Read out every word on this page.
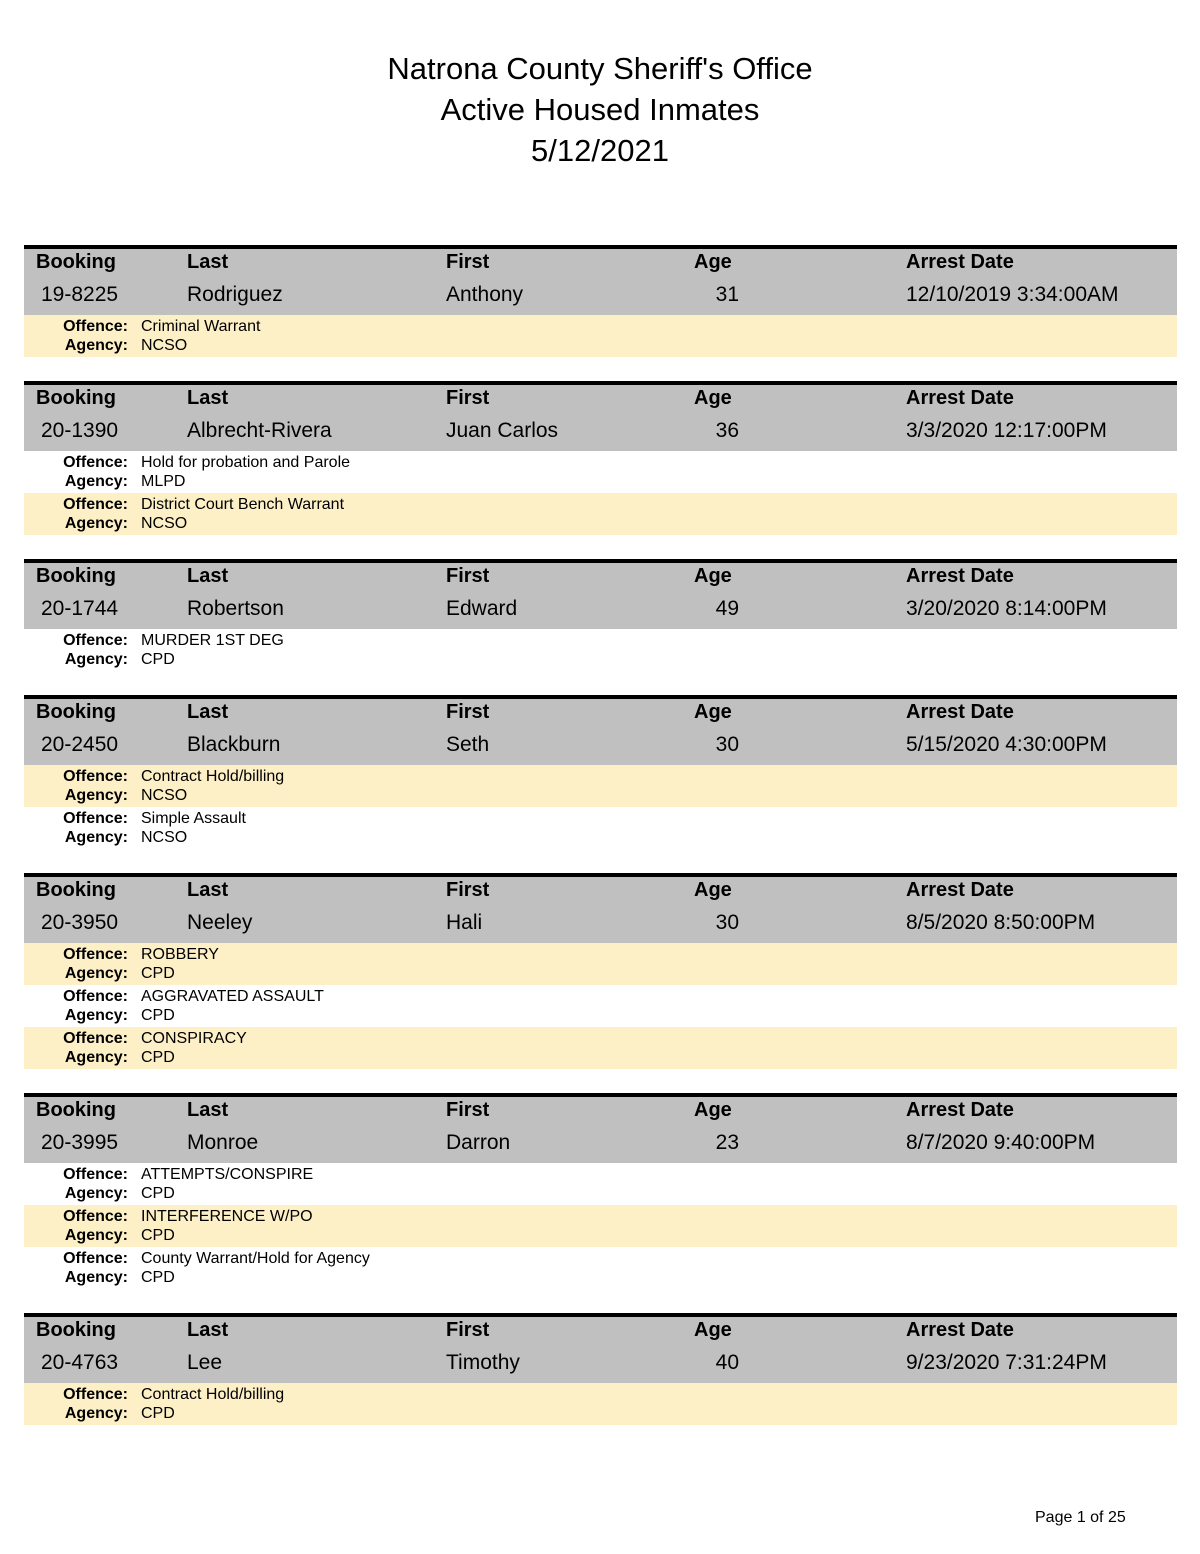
Natrona County Sheriff's Office
Active Housed Inmates
5/12/2021
Booking
19-8225
Last
Rodriguez
First
Anthony
Age
31
Arrest Date
12/10/2019 3:34:00AM
Offence: Criminal Warrant
Agency: NCSO
Booking
20-1390
Last
Albrecht-Rivera
First
Juan Carlos
Age
36
Arrest Date
3/3/2020 12:17:00PM
Offence: Hold for probation and Parole
Agency: MLPD
Offence: District Court Bench Warrant
Agency: NCSO
Booking
20-1744
Last
Robertson
First
Edward
Age
49
Arrest Date
3/20/2020 8:14:00PM
Offence: MURDER 1ST DEG
Agency: CPD
Booking
20-2450
Last
Blackburn
First
Seth
Age
30
Arrest Date
5/15/2020 4:30:00PM
Offence: Contract Hold/billing
Agency: NCSO
Offence: Simple Assault
Agency: NCSO
Booking
20-3950
Last
Neeley
First
Hali
Age
30
Arrest Date
8/5/2020 8:50:00PM
Offence: ROBBERY
Agency: CPD
Offence: AGGRAVATED ASSAULT
Agency: CPD
Offence: CONSPIRACY
Agency: CPD
Booking
20-3995
Last
Monroe
First
Darron
Age
23
Arrest Date
8/7/2020 9:40:00PM
Offence: ATTEMPTS/CONSPIRE
Agency: CPD
Offence: INTERFERENCE W/PO
Agency: CPD
Offence: County Warrant/Hold for Agency
Agency: CPD
Booking
20-4763
Last
Lee
First
Timothy
Age
40
Arrest Date
9/23/2020 7:31:24PM
Offence: Contract Hold/billing
Agency: CPD
Page 1 of 25
